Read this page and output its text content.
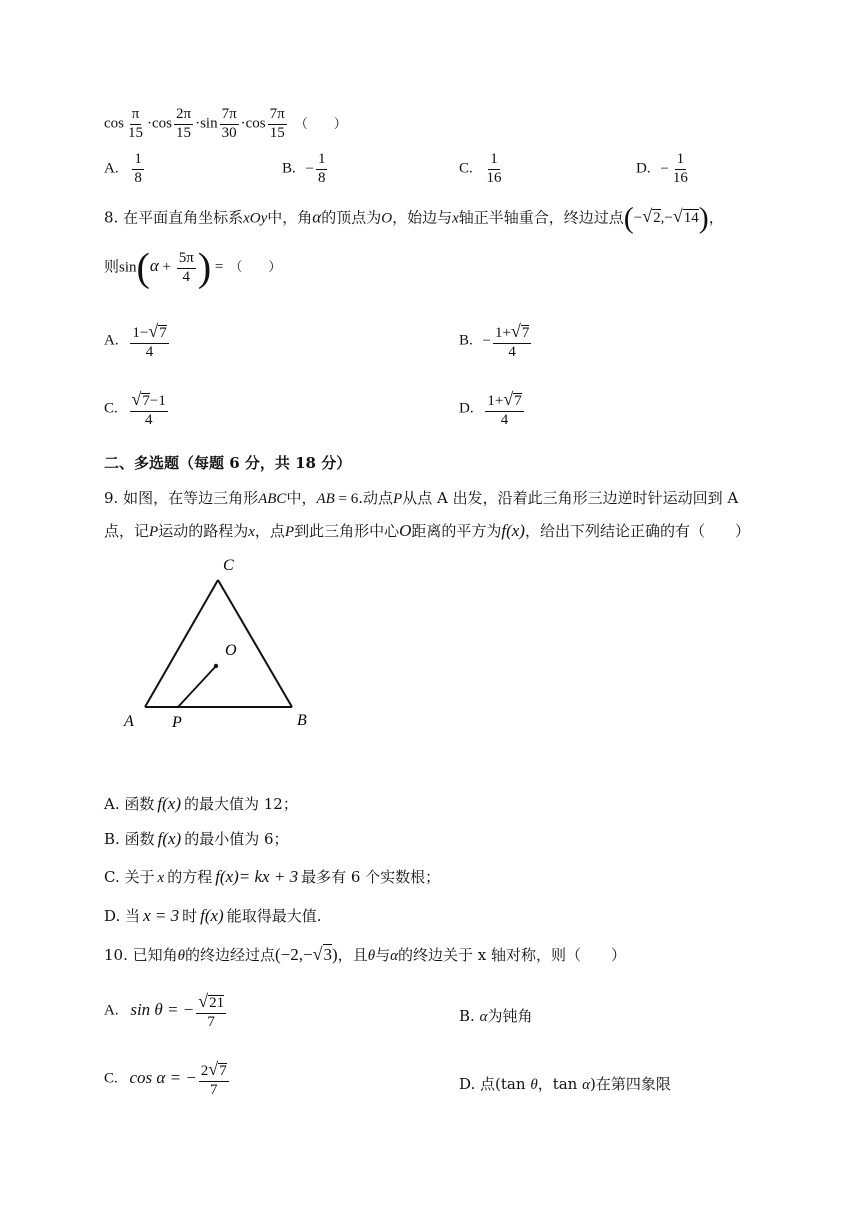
$\cos \frac{\pi}{15} \cdot\cos \frac{2\pi}{15} \cdot\sin \frac{7\pi}{30} \cdot\cos \frac{7\pi}{15}$ （　　）
A. $\frac{1}{8}$	B. − $\frac{1}{8}$	C. $\frac{1}{16}$	D. − $\frac{1}{16}$
8. 在平面直角坐标系xOy中，角α的顶点为O，始边与x轴正半轴重合，终边过点(−√2,−√14)，
则$\sin(\alpha + \frac{5\pi}{4}$ ) = （　　）
A. $\frac{1-√7}{4}$	B. − $\frac{1+√7}{4}$
C. $\frac{√7-1}{4}$	D. $\frac{1+√7}{4}$
二、多选题（每题 6 分，共 18 分）
9. 如图，在等边三角形ABC中，AB = 6.动点P从点 A 出发，沿着此三角形三边逆时针运动回到 A
点，记P运动的路程为x，点P到此三角形中心O距离的平方为f(x)，给出下列结论正确的有（　　）
C
O
A P	B
A. 函数 f(x) 的最大值为 12；
B. 函数 f(x) 的最小值为 6；
C. 关于 x 的方程 f(x)= kx + 3 最多有 6 个实数根；
D. 当 x = 3 时 f(x) 能取得最大值.
10. 已知角θ的终边经过点(−2,−√3)，且θ与α的终边关于 x 轴对称，则（　　）
A. sin θ = − $\frac{√21}{7}$	B. α为钝角
C. cos α = − $\frac{2√7}{7}$	D. 点(tan θ，tan α)在第四象限
